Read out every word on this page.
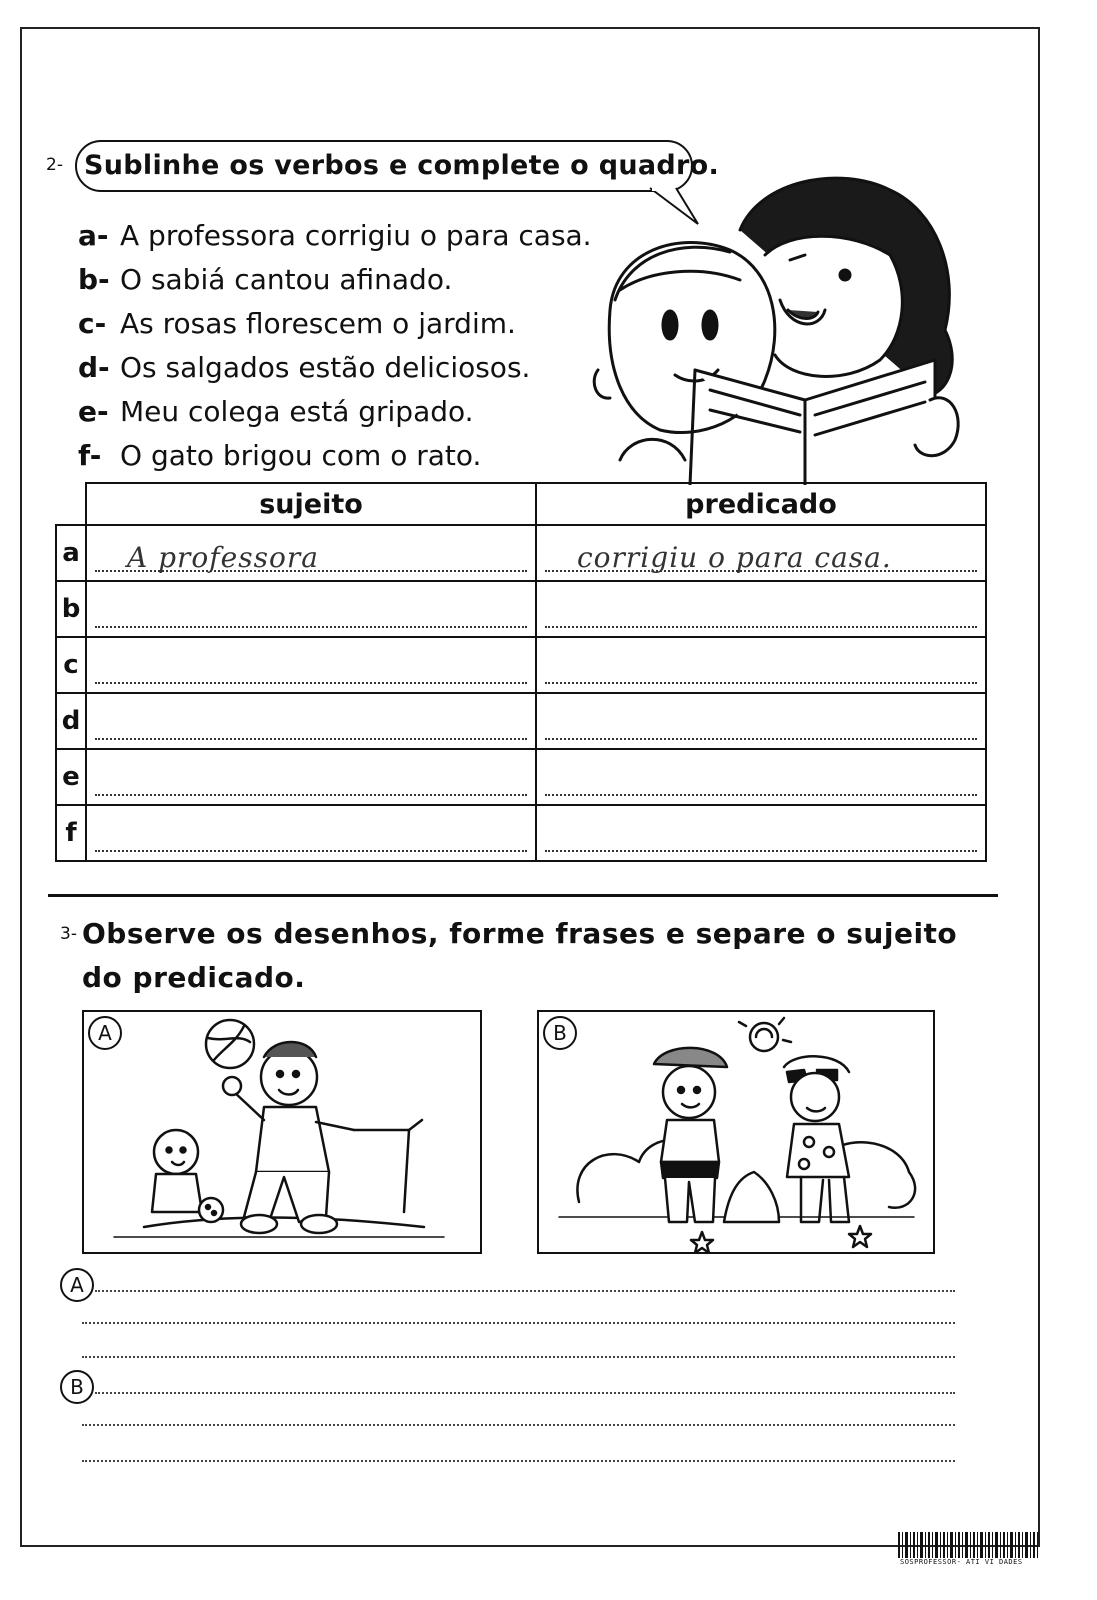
2- Sublinhe os verbos e complete o quadro.
a- A professora corrigiu o para casa.
b- O sabiá cantou afinado.
c- As rosas florescem o jardim.
d- Os salgados estão deliciosos.
e- Meu colega está gripado.
f- O gato brigou com o rato.
	sujeito	predicado
a	A professora	corrigiu o para casa.

b	

c	

d	

e	

f	

3- Observe os desenhos, forme frases e separe o sujeito do predicado.
A	B
A
B
SOSPROFESSOR- ATI VI DADES
